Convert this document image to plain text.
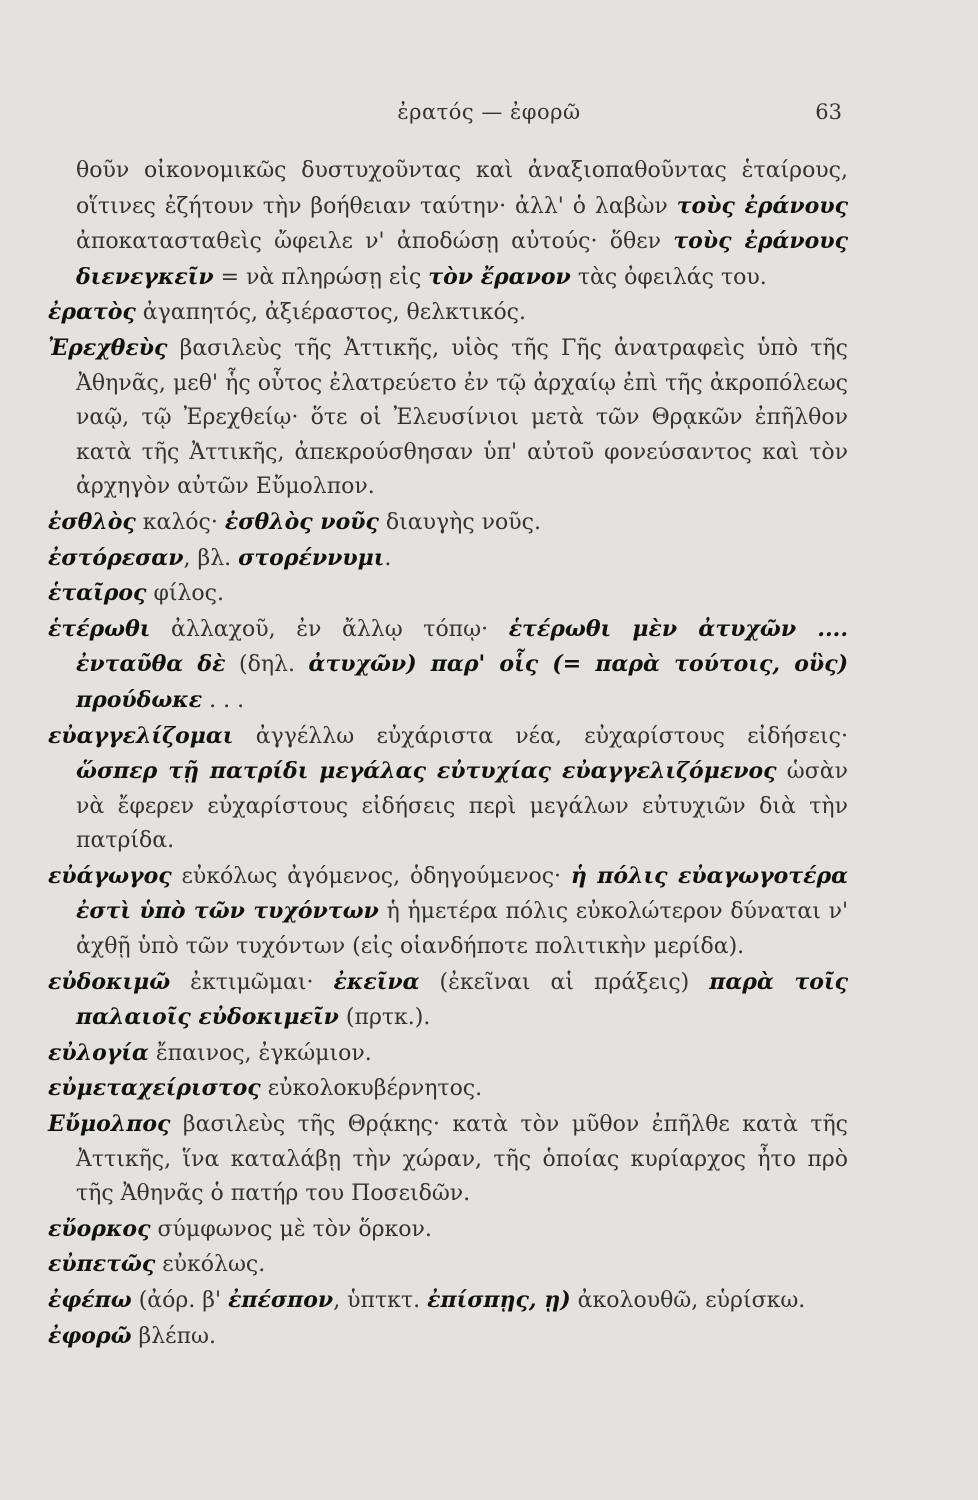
ἐρατός — ἐφορῶ	63

θοῦν οἰκονομικῶς δυστυχοῦντας καὶ ἀναξιοπαθοῦντας ἑταίρους, οἵτινες ἐζήτουν τὴν βοήθειαν ταύτην· ἀλλ' ὁ λαβὼν τοὺς ἐράνους ἀποκατασταθεὶς ὤφειλε ν' ἀποδώσῃ αὐτούς· ὅθεν τοὺς ἐράνους διενεγκεῖν = νὰ πληρώσῃ εἰς τὸν ἔρανον τὰς ὀφειλάς του.

ἐρατὸς ἀγαπητός, ἀξιέραστος, θελκτικός.

Ἐρεχθεὺς βασιλεὺς τῆς Ἀττικῆς, υἱὸς τῆς Γῆς ἀνατραφεὶς ὑπὸ τῆς Ἀθηνᾶς, μεθ' ἧς οὗτος ἐλατρεύετο ἐν τῷ ἀρχαίῳ ἐπὶ τῆς ἀκροπόλεως ναῷ, τῷ Ἐρεχθείῳ· ὅτε οἱ Ἐλευσίνιοι μετὰ τῶν Θρᾳκῶν ἐπῆλθον κατὰ τῆς Ἀττικῆς, ἀπεκρούσθησαν ὑπ' αὐτοῦ φονεύσαντος καὶ τὸν ἀρχηγὸν αὐτῶν Εὔμολπον.

ἐσθλὸς καλός· ἐσθλὸς νοῦς διαυγὴς νοῦς.

ἐστόρεσαν, βλ. στορέννυμι.

ἑταῖρος φίλος.

ἑτέρωθι ἀλλαχοῦ, ἐν ἄλλῳ τόπῳ· ἑτέρωθι μὲν ἀτυχῶν .... ἐνταῦθα δὲ (δηλ. ἀτυχῶν) παρ' οἷς (= παρὰ τούτοις, οὓς) προύδωκε . . .

εὐαγγελίζομαι ἀγγέλλω εὐχάριστα νέα, εὐχαρίστους εἰδήσεις· ὥσπερ τῇ πατρίδι μεγάλας εὐτυχίας εὐαγγελιζόμενος ὡσὰν νὰ ἔφερεν εὐχαρίστους εἰδήσεις περὶ μεγάλων εὐτυχιῶν διὰ τὴν πατρίδα.

εὐάγωγος εὐκόλως ἀγόμενος, ὁδηγούμενος· ἡ πόλις εὐαγωγοτέρα ἐστὶ ὑπὸ τῶν τυχόντων ἡ ἡμετέρα πόλις εὐκολώτερον δύναται ν' ἀχθῇ ὑπὸ τῶν τυχόντων (εἰς οἱανδήποτε πολιτικὴν μερίδα).

εὐδοκιμῶ ἐκτιμῶμαι· ἐκεῖνα (ἐκεῖναι αἱ πράξεις) παρὰ τοῖς παλαιοῖς εὐδοκιμεῖν (πρτκ.).

εὐλογία ἔπαινος, ἐγκώμιον.

εὐμεταχείριστος εὐκολοκυβέρνητος.

Εὔμολπος βασιλεὺς τῆς Θρᾴκης· κατὰ τὸν μῦθον ἐπῆλθε κατὰ τῆς Ἀττικῆς, ἵνα καταλάβῃ τὴν χώραν, τῆς ὁποίας κυρίαρχος ἦτο πρὸ τῆς Ἀθηνᾶς ὁ πατήρ του Ποσειδῶν.

εὔορκος σύμφωνος μὲ τὸν ὅρκον.

εὐπετῶς εὐκόλως.

ἐφέπω (ἀόρ. β' ἐπέσπον, ὑπτκτ. ἐπίσπῃς, ῃ) ἀκολουθῶ, εὑρίσκω.

ἐφορῶ βλέπω.
